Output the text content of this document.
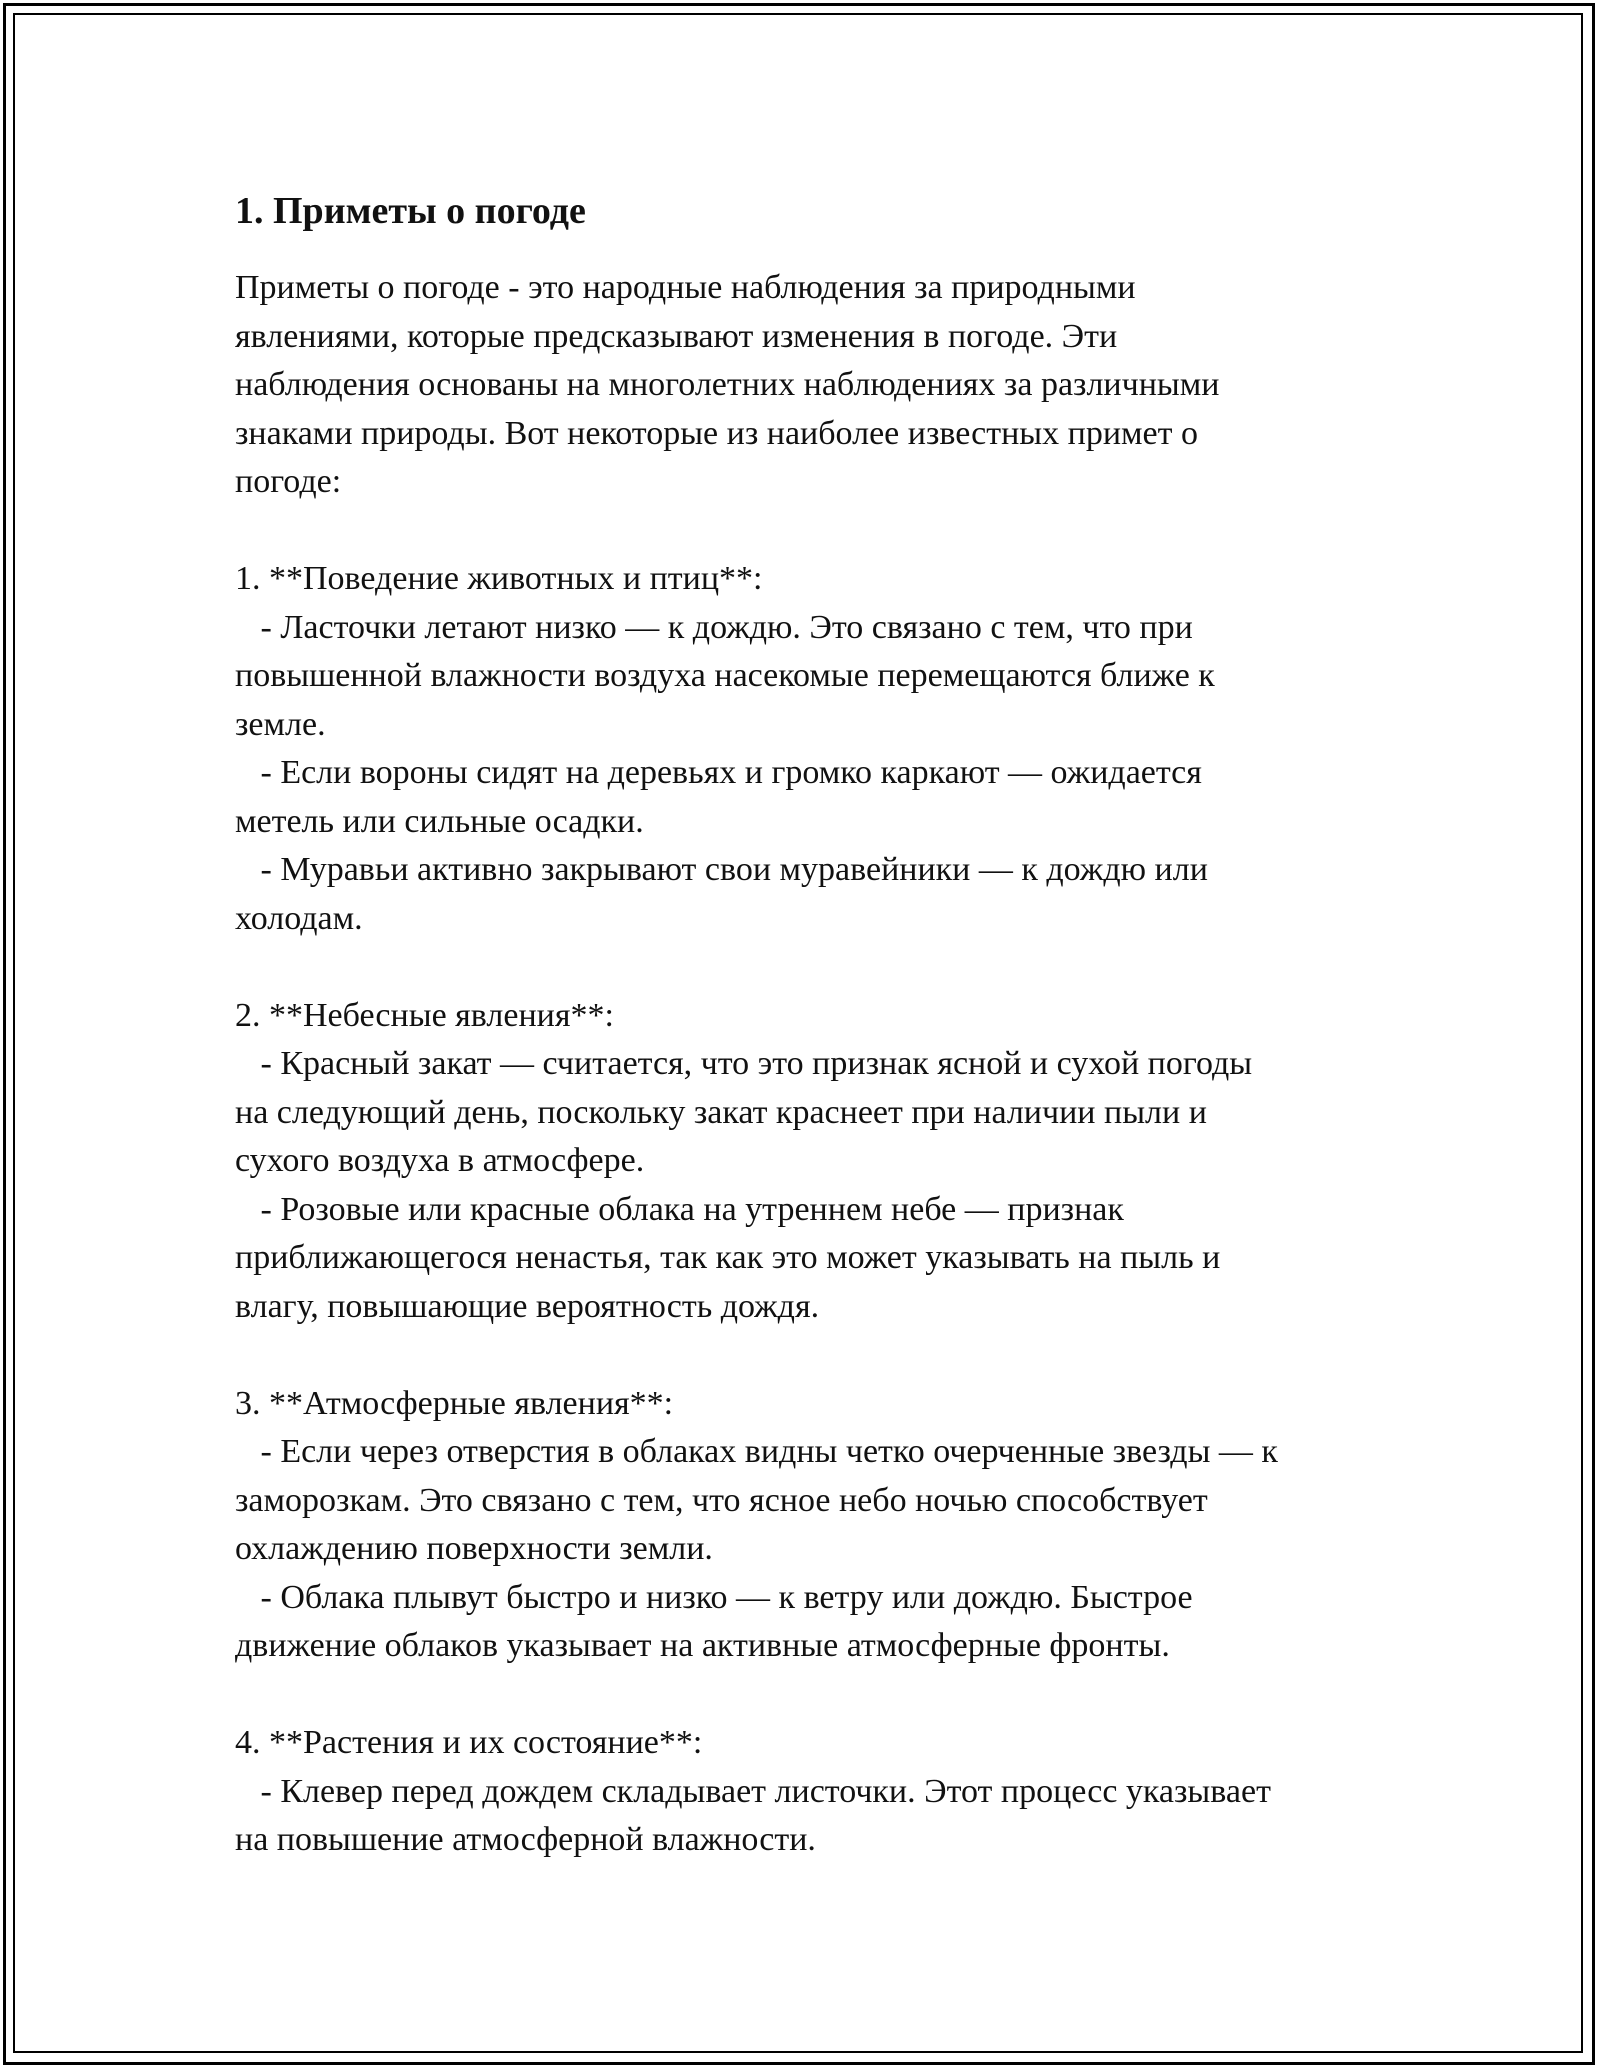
1. Приметы о погоде
Приметы о погоде - это народные наблюдения за природными
явлениями, которые предсказывают изменения в погоде. Эти
наблюдения основаны на многолетних наблюдениях за различными
знаками природы. Вот некоторые из наиболее известных примет о
погоде:
1. **Поведение животных и птиц**:
- Ласточки летают низко — к дождю. Это связано с тем, что при
повышенной влажности воздуха насекомые перемещаются ближе к
земле.
- Если вороны сидят на деревьях и громко каркают — ожидается
метель или сильные осадки.
- Муравьи активно закрывают свои муравейники — к дождю или
холодам.
2. **Небесные явления**:
- Красный закат — считается, что это признак ясной и сухой погоды
на следующий день, поскольку закат краснеет при наличии пыли и
сухого воздуха в атмосфере.
- Розовые или красные облака на утреннем небе — признак
приближающегося ненастья, так как это может указывать на пыль и
влагу, повышающие вероятность дождя.
3. **Атмосферные явления**:
- Если через отверстия в облаках видны четко очерченные звезды — к
заморозкам. Это связано с тем, что ясное небо ночью способствует
охлаждению поверхности земли.
- Облака плывут быстро и низко — к ветру или дождю. Быстрое
движение облаков указывает на активные атмосферные фронты.
4. **Растения и их состояние**:
- Клевер перед дождем складывает листочки. Этот процесс указывает
на повышение атмосферной влажности.
